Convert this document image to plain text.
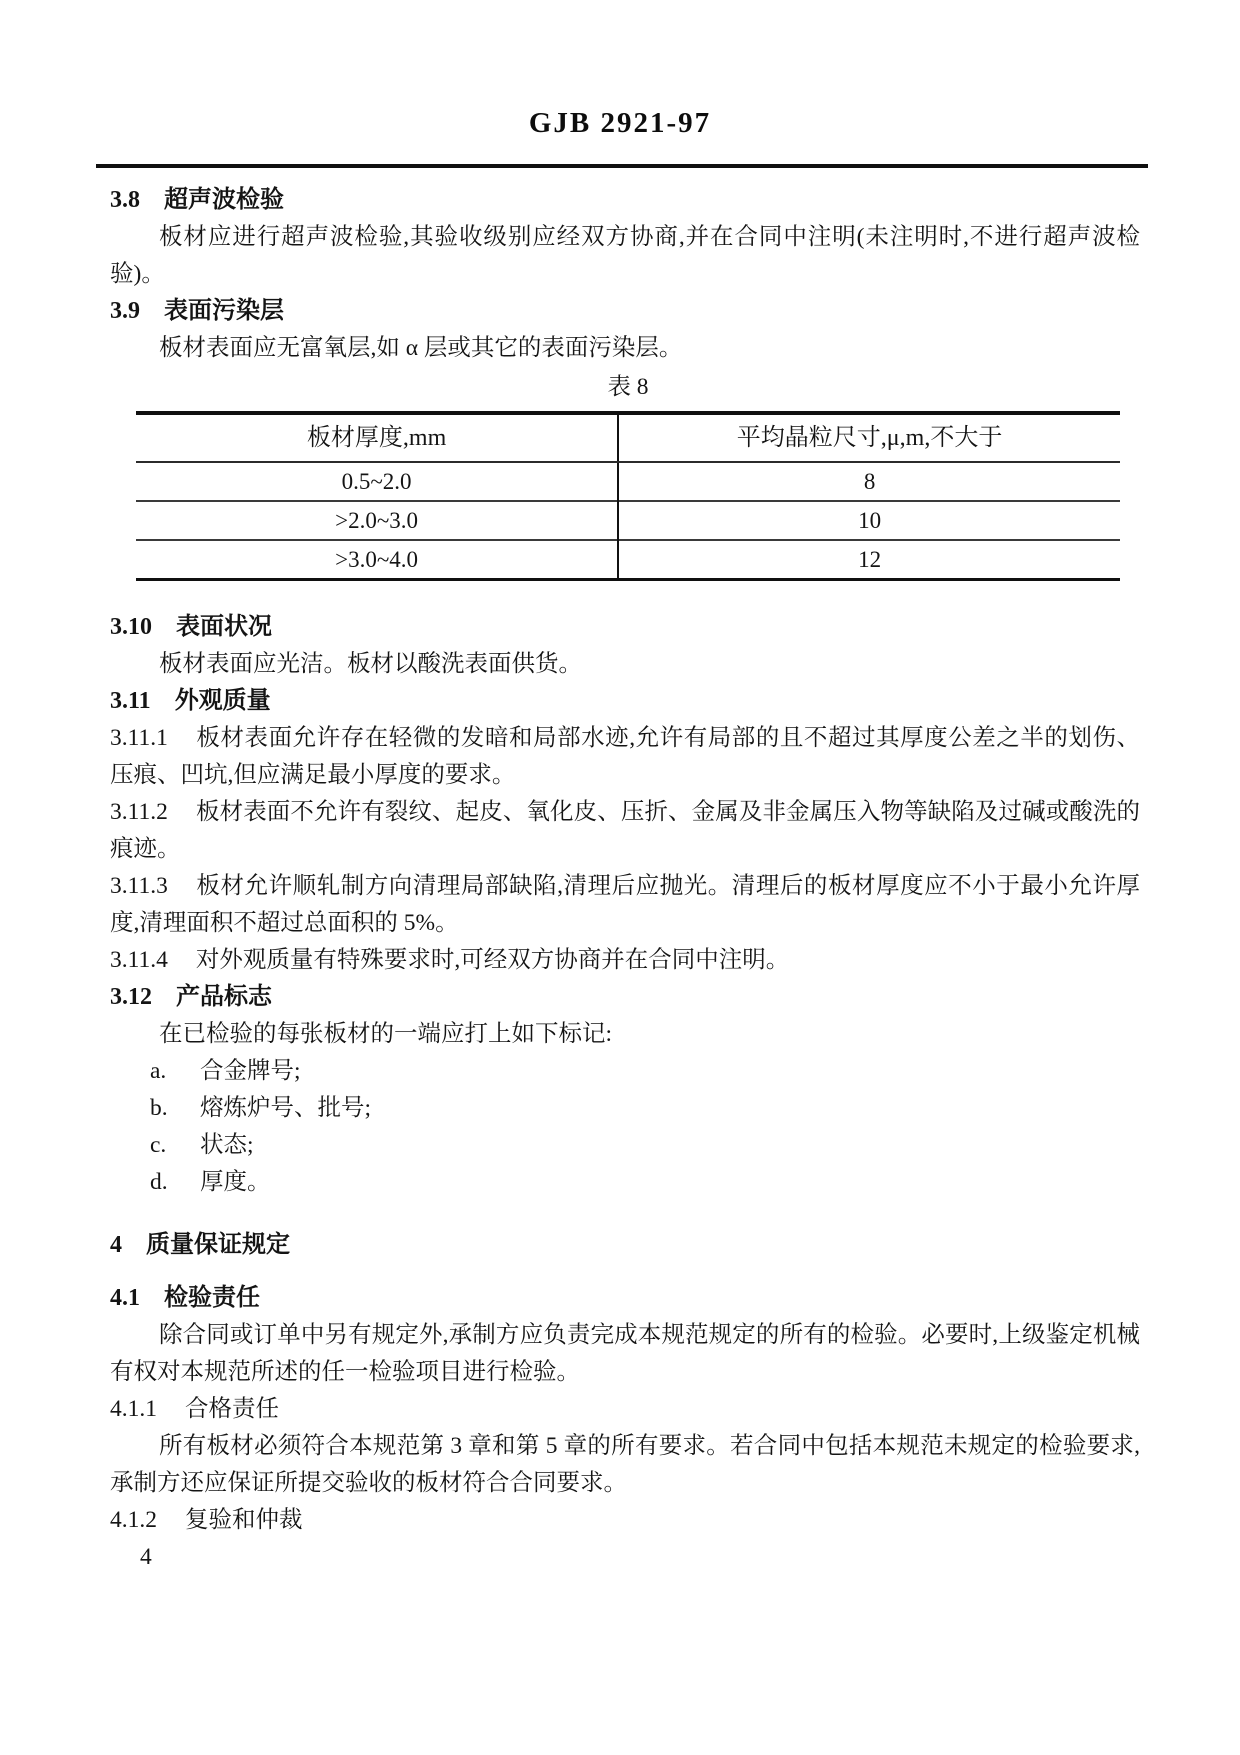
GJB 2921-97
3.8 超声波检验

板材应进行超声波检验,其验收级别应经双方协商,并在合同中注明(未注明时,不进行超声波检验)。

3.9 表面污染层

板材表面应无富氧层,如 α 层或其它的表面污染层。

表 8

板材厚度,mm	平均晶粒尺寸,μ,m,不大于
0.5~2.0	8
>2.0~3.0	10
>3.0~4.0	12
3.10 表面状况

板材表面应光洁。板材以酸洗表面供货。

3.11 外观质量

3.11.1 板材表面允许存在轻微的发暗和局部水迹,允许有局部的且不超过其厚度公差之半的划伤、压痕、凹坑,但应满足最小厚度的要求。

3.11.2 板材表面不允许有裂纹、起皮、氧化皮、压折、金属及非金属压入物等缺陷及过碱或酸洗的痕迹。

3.11.3 板材允许顺轧制方向清理局部缺陷,清理后应抛光。清理后的板材厚度应不小于最小允许厚度,清理面积不超过总面积的 5%。

3.11.4 对外观质量有特殊要求时,可经双方协商并在合同中注明。

3.12 产品标志

在已检验的每张板材的一端应打上如下标记:

a. 合金牌号;

b. 熔炼炉号、批号;

c. 状态;

d. 厚度。

4 质量保证规定
4.1 检验责任

除合同或订单中另有规定外,承制方应负责完成本规范规定的所有的检验。必要时,上级鉴定机械有权对本规范所述的任一检验项目进行检验。

4.1.1 合格责任

所有板材必须符合本规范第 3 章和第 5 章的所有要求。若合同中包括本规范未规定的检验要求,承制方还应保证所提交验收的板材符合合同要求。

4.1.2 复验和仲裁

4
